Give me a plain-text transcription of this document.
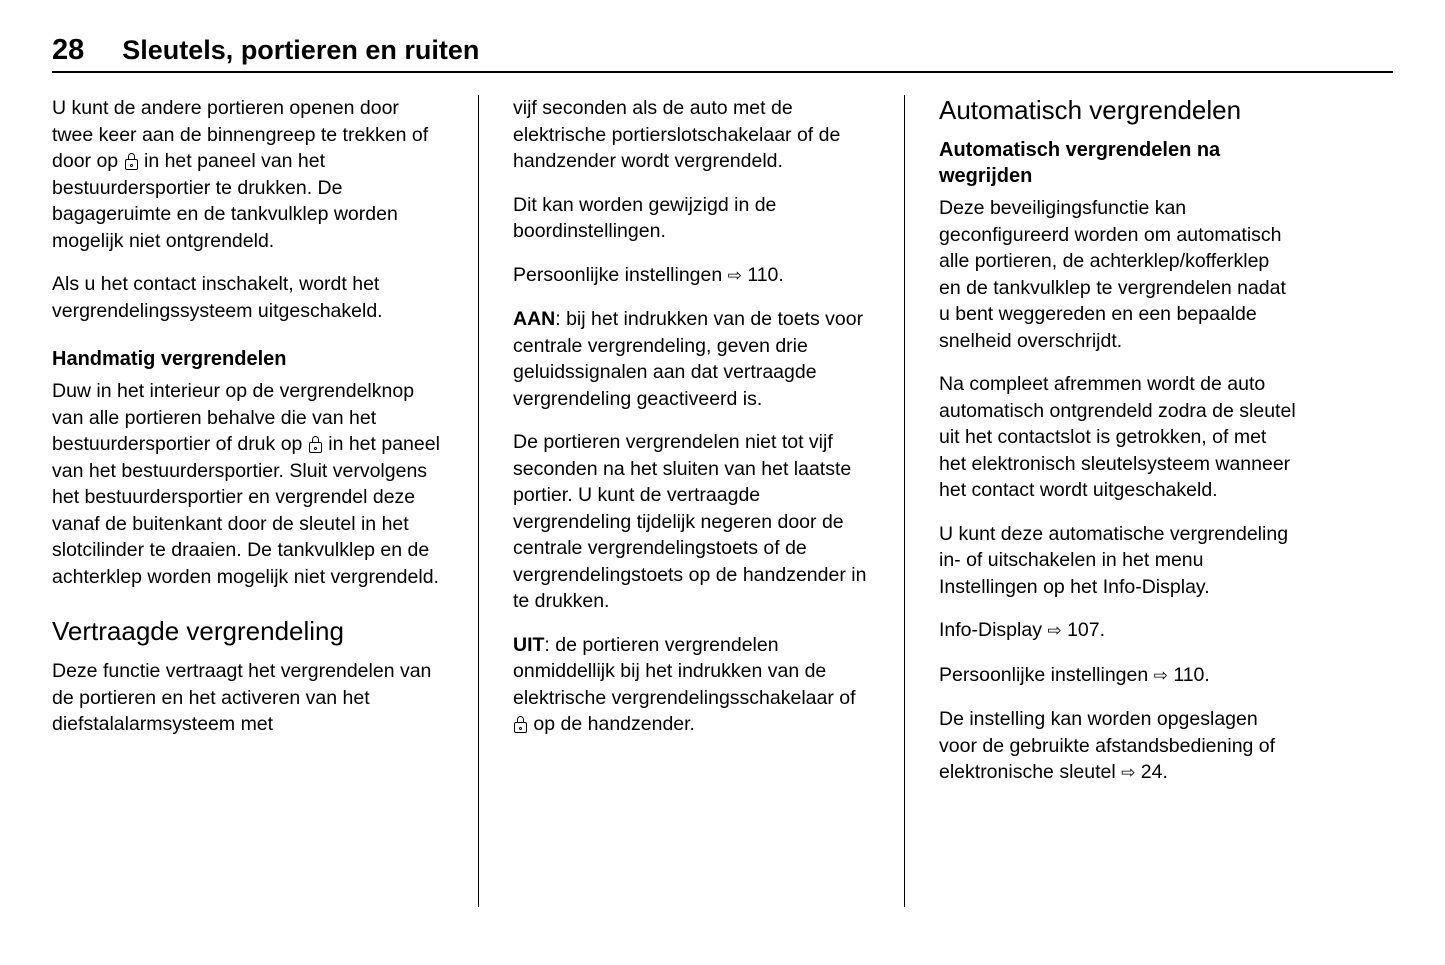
28 Sleutels, portieren en ruiten

U kunt de andere portieren openen door twee keer aan de binnengreep te trekken of door op
in het paneel van het bestuurdersportier te drukken. De bagageruimte en de tankvulklep worden mogelijk niet ontgrendeld.

Als u het contact inschakelt, wordt het vergrendelingssysteem uitgeschakeld.

Handmatig vergrendelen

Duw in het interieur op de vergrendelknop van alle portieren behalve die van het bestuurdersportier of druk op
in het paneel van het bestuurdersportier. Sluit vervolgens het bestuurdersportier en vergrendel deze vanaf de buitenkant door de sleutel in het slotcilinder te draaien. De tankvulklep en de achterklep worden mogelijk niet vergrendeld.

Vertraagde vergrendeling

Deze functie vertraagt het vergrendelen van de portieren en het activeren van het diefstalalarmsysteem met

vijf seconden als de auto met de elektrische portierslotschakelaar of de handzender wordt vergrendeld.

Dit kan worden gewijzigd in de boordinstellingen.

Persoonlijke instellingen ⇨ 110.

AAN: bij het indrukken van de toets voor centrale vergrendeling, geven drie geluidssignalen aan dat vertraagde vergrendeling geactiveerd is.

De portieren vergrendelen niet tot vijf seconden na het sluiten van het laatste portier. U kunt de vertraagde vergrendeling tijdelijk negeren door de centrale vergrendelingstoets of de vergrendelingstoets op de handzender in te drukken.

UIT: de portieren vergrendelen onmiddellijk bij het indrukken van de elektrische vergrendelingsschakelaar of
op de handzender.

Automatisch vergrendelen
Automatisch vergrendelen na wegrijden

Deze beveiligingsfunctie kan geconfigureerd worden om automatisch alle portieren, de achterklep/kofferklep en de tankvulklep te vergrendelen nadat u bent weggereden en een bepaalde snelheid overschrijdt.

Na compleet afremmen wordt de auto automatisch ontgrendeld zodra de sleutel uit het contactslot is getrokken, of met het elektronisch sleutelsysteem wanneer het contact wordt uitgeschakeld.

U kunt deze automatische vergrendeling in- of uitschakelen in het menu Instellingen op het Info-Display.

Info-Display ⇨ 107.

Persoonlijke instellingen ⇨ 110.

De instelling kan worden opgeslagen voor de gebruikte afstandsbediening of elektronische sleutel ⇨ 24.
